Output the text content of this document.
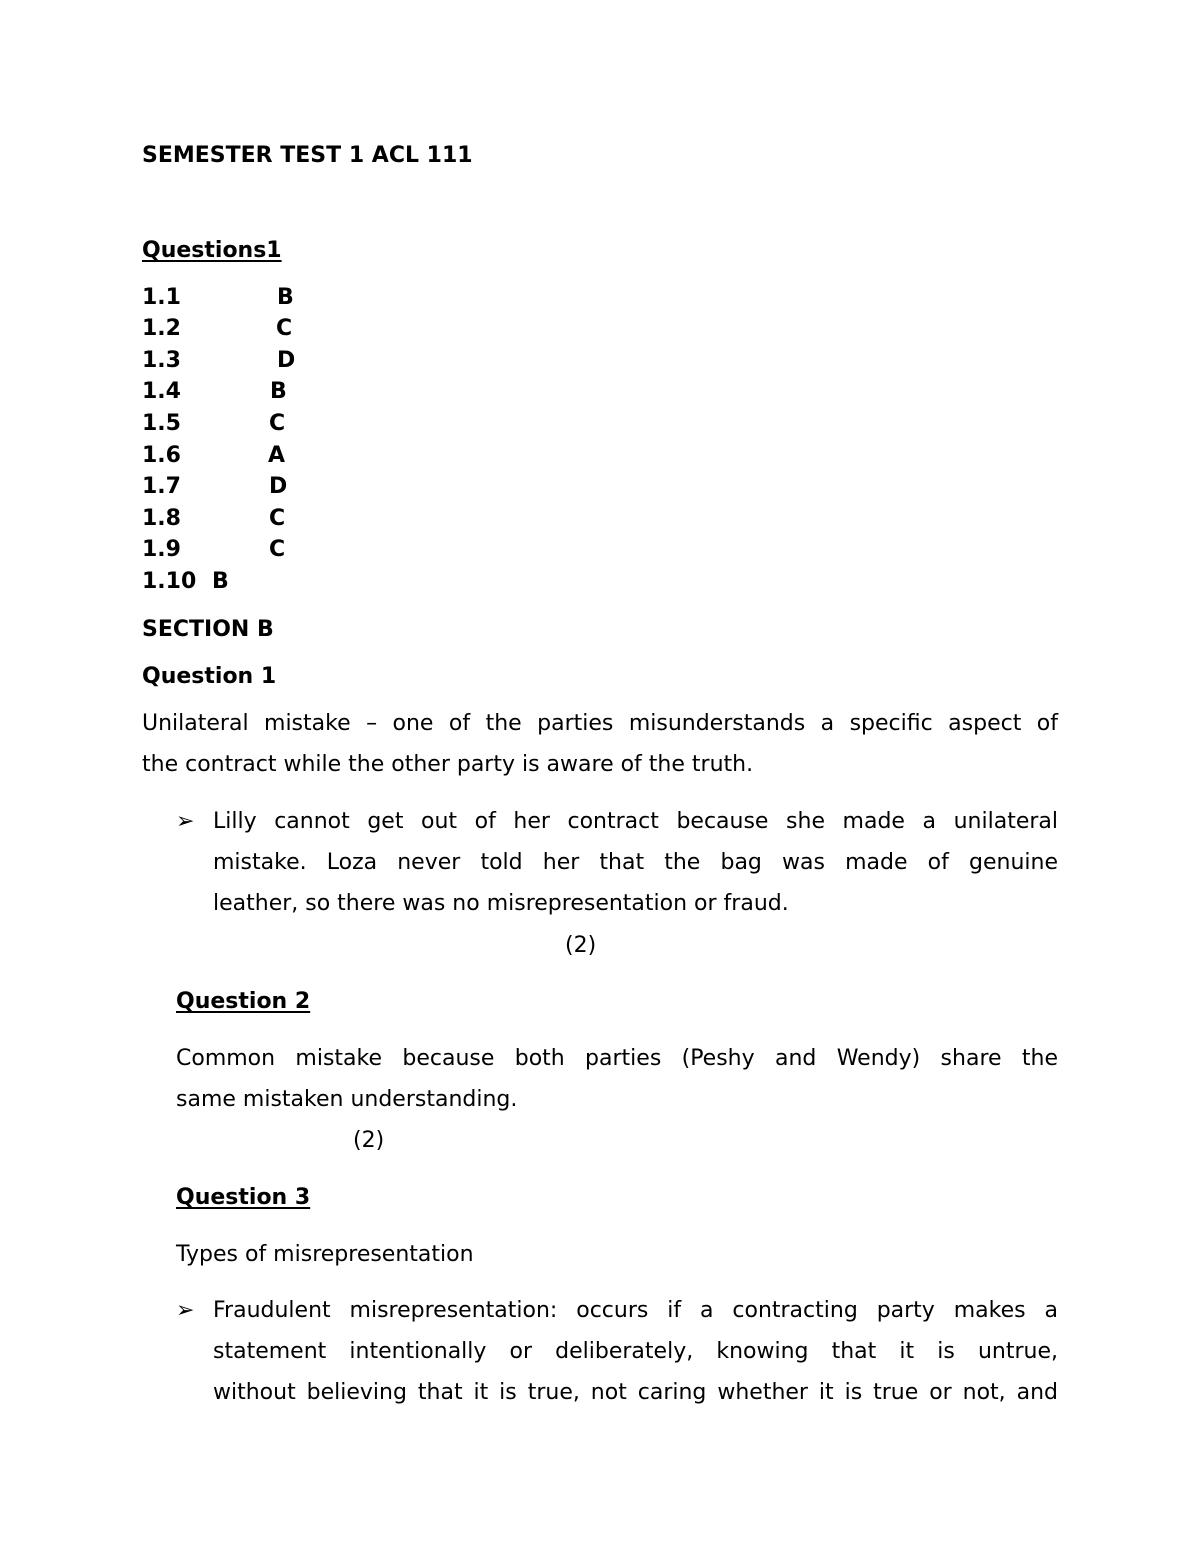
SEMESTER TEST 1 ACL 111
Questions1
1.1	B
1.2	C
1.3	D
1.4	B
1.5	C
1.6	A
1.7	D
1.8	C
1.9	C
1.10 B
SECTION B
Question 1
Unilateral mistake – one of the parties misunderstands a specific aspect of
the contract while the other party is aware of the truth.
➢ Lilly cannot get out of her contract because she made a unilateral
mistake. Loza never told her that the bag was made of genuine
leather, so there was no misrepresentation or fraud.
(2)
Question 2
Common mistake because both parties (Peshy and Wendy) share the
same mistaken understanding.
(2)
Question 3
Types of misrepresentation
➢ Fraudulent misrepresentation: occurs if a contracting party makes a
statement intentionally or deliberately, knowing that it is untrue,
without believing that it is true, not caring whether it is true or not, and
